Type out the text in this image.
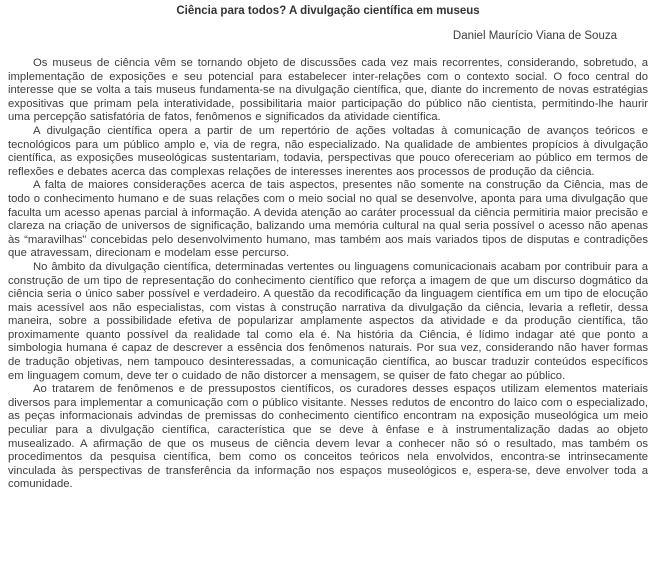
Ciência para todos? A divulgação científica em museus
Daniel Maurício Viana de Souza

Os museus de ciência vêm se tornando objeto de discussões cada vez mais recorrentes, considerando, sobretudo, a implementação de exposições e seu potencial para estabelecer inter-relações com o contexto social. O foco central do interesse que se volta a tais museus fundamenta-se na divulgação científica, que, diante do incremento de novas estratégias expositivas que primam pela interatividade, possibilitaria maior participação do público não cientista, permitindo-lhe haurir uma percepção satisfatória de fatos, fenômenos e significados da atividade científica.

A divulgação científica opera a partir de um repertório de ações voltadas à comunicação de avanços teóricos e tecnológicos para um público amplo e, via de regra, não especializado. Na qualidade de ambientes propícios à divulgação científica, as exposições museológicas sustentariam, todavia, perspectivas que pouco ofereceriam ao público em termos de reflexões e debates acerca das complexas relações de interesses inerentes aos processos de produção da ciência.

A falta de maiores considerações acerca de tais aspectos, presentes não somente na construção da Ciência, mas de todo o conhecimento humano e de suas relações com o meio social no qual se desenvolve, aponta para uma divulgação que faculta um acesso apenas parcial à informação. A devida atenção ao caráter processual da ciência permitiria maior precisão e clareza na criação de universos de significação, balizando uma memória cultural na qual seria possível o acesso não apenas às “maravilhas” concebidas pelo desenvolvimento humano, mas também aos mais variados tipos de disputas e contradições que atravessam, direcionam e modelam esse percurso.

No âmbito da divulgação científica, determinadas vertentes ou linguagens comunicacionais acabam por contribuir para a construção de um tipo de representação do conhecimento científico que reforça a imagem de que um discurso dogmático da ciência seria o único saber possível e verdadeiro. A questão da recodificação da linguagem científica em um tipo de elocução mais acessível aos não especialistas, com vistas à construção narrativa da divulgação da ciência, levaria a refletir, dessa maneira, sobre a possibilidade efetiva de popularizar amplamente aspectos da atividade e da produção científica, tão proximamente quanto possível da realidade tal como ela é. Na história da Ciência, é lídimo indagar até que ponto a simbologia humana é capaz de descrever a essência dos fenômenos naturais. Por sua vez, considerando não haver formas de tradução objetivas, nem tampouco desinteressadas, a comunicação científica, ao buscar traduzir conteúdos específicos em linguagem comum, deve ter o cuidado de não distorcer a mensagem, se quiser de fato chegar ao público.

Ao tratarem de fenômenos e de pressupostos científicos, os curadores desses espaços utilizam elementos materiais diversos para implementar a comunicação com o público visitante. Nesses redutos de encontro do laico com o especializado, as peças informacionais advindas de premissas do conhecimento científico encontram na exposição museológica um meio peculiar para a divulgação científica, característica que se deve à ênfase e à instrumentalização dadas ao objeto musealizado. A afirmação de que os museus de ciência devem levar a conhecer não só o resultado, mas também os procedimentos da pesquisa científica, bem como os conceitos teóricos nela envolvidos, encontra-se intrinsecamente vinculada às perspectivas de transferência da informação nos espaços museológicos e, espera-se, deve envolver toda a comunidade.
